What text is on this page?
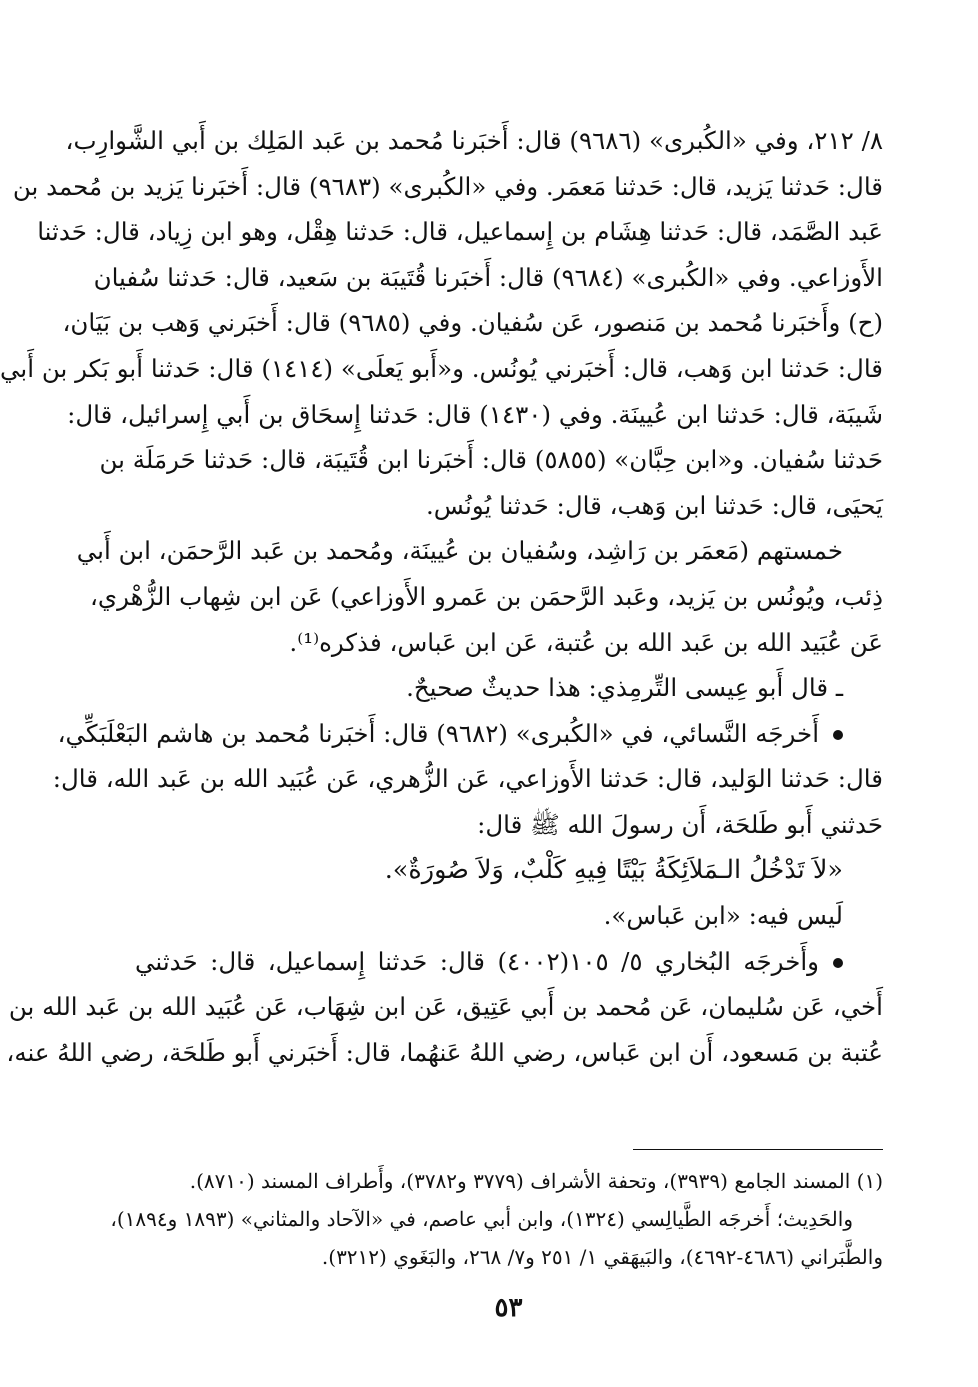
٨/ ٢١٢، وفي «الكُبرى» (٩٦٨٦) قال: أَخبَرنا مُحمد بن عَبد المَلِك بن أَبي الشَّوارِب،
قال: حَدثنا يَزيد، قال: حَدثنا مَعمَر. وفي «الكُبرى» (٩٦٨٣) قال: أَخبَرنا يَزيد بن مُحمد بن
عَبد الصَّمَد، قال: حَدثنا هِشَام بن إِسماعيل، قال: حَدثنا هِقْل، وهو ابن زِياد، قال: حَدثنا
الأَوزاعي. وفي «الكُبرى» (٩٦٨٤) قال: أَخبَرنا قُتَيبَة بن سَعيد، قال: حَدثنا سُفيان
(ح) وأَخبَرنا مُحمد بن مَنصور، عَن سُفيان. وفي (٩٦٨٥) قال: أَخبَرني وَهب بن بَيَان،
قال: حَدثنا ابن وَهب، قال: أَخبَرني يُونُس. و«أَبو يَعلَى» (١٤١٤) قال: حَدثنا أَبو بَكر بن أَبي
شَيبَة، قال: حَدثنا ابن عُيينَة. وفي (١٤٣٠) قال: حَدثنا إِسحَاق بن أَبي إِسرائيل، قال:
حَدثنا سُفيان. و«ابن حِبَّان» (٥٨٥٥) قال: أَخبَرنا ابن قُتَيبَة، قال: حَدثنا حَرمَلَة بن
يَحيَى، قال: حَدثنا ابن وَهب، قال: حَدثنا يُونُس.
خمستهم (مَعمَر بن رَاشِد، وسُفيان بن عُيينَة، ومُحمد بن عَبد الرَّحمَن، ابن أَبي
ذِئب، ويُونُس بن يَزيد، وعَبد الرَّحمَن بن عَمرو الأَوزاعي) عَن ابن شِهاب الزُّهْري،
عَن عُبَيد الله بن عَبد الله بن عُتبة، عَن ابن عَباس، فذكره⁽¹⁾.
ـ قال أَبو عِيسى التِّرمِذي: هذا حديثٌ صحيحٌ.
أَخرجَه النَّسائي، في «الكُبرى» (٩٦٨٢) قال: أَخبَرنا مُحمد بن هاشم البَعْلَبَكِّي،
قال: حَدثنا الوَليد، قال: حَدثنا الأَوزاعي، عَن الزُّهري، عَن عُبَيد الله بن عَبد الله، قال:
حَدثني أَبو طَلحَة، أَن رسولَ الله ﷺ قال:
«لاَ تَدْخُلُ الـمَلاَئِكَةُ بَيْتًا فِيهِ كَلْبٌ، وَلاَ صُورَةٌ».
لَيس فيه: «ابن عَباس».
وأَخرجَه البُخاري ٥/ ١٠٥(٤٠٠٢) قال: حَدثنا إِسماعيل، قال: حَدثني
أَخي، عَن سُليمان، عَن مُحمد بن أَبي عَتِيق، عَن ابن شِهَاب، عَن عُبَيد الله بن عَبد الله بن
عُتبة بن مَسعود، أَن ابن عَباس، رضي اللهُ عَنهُما، قال: أَخبَرني أَبو طَلحَة، رضي اللهُ عنه،
(١) المسند الجامع (٣٩٣٩)، وتحفة الأشراف (٣٧٧٩ و٣٧٨٢)، وأَطراف المسند (٨٧١٠).
والحَدِيث؛ أَخرجَه الطَّيالِسي (١٣٢٤)، وابن أبي عاصم، في «الآحاد والمثاني» (١٨٩٣ و١٨٩٤)،
والطَّبَراني (٤٦٨٦-٤٦٩٢)، والبَيهَقي ١/ ٢٥١ و٧/ ٢٦٨، والبَغَوي (٣٢١٢).
٥٣
